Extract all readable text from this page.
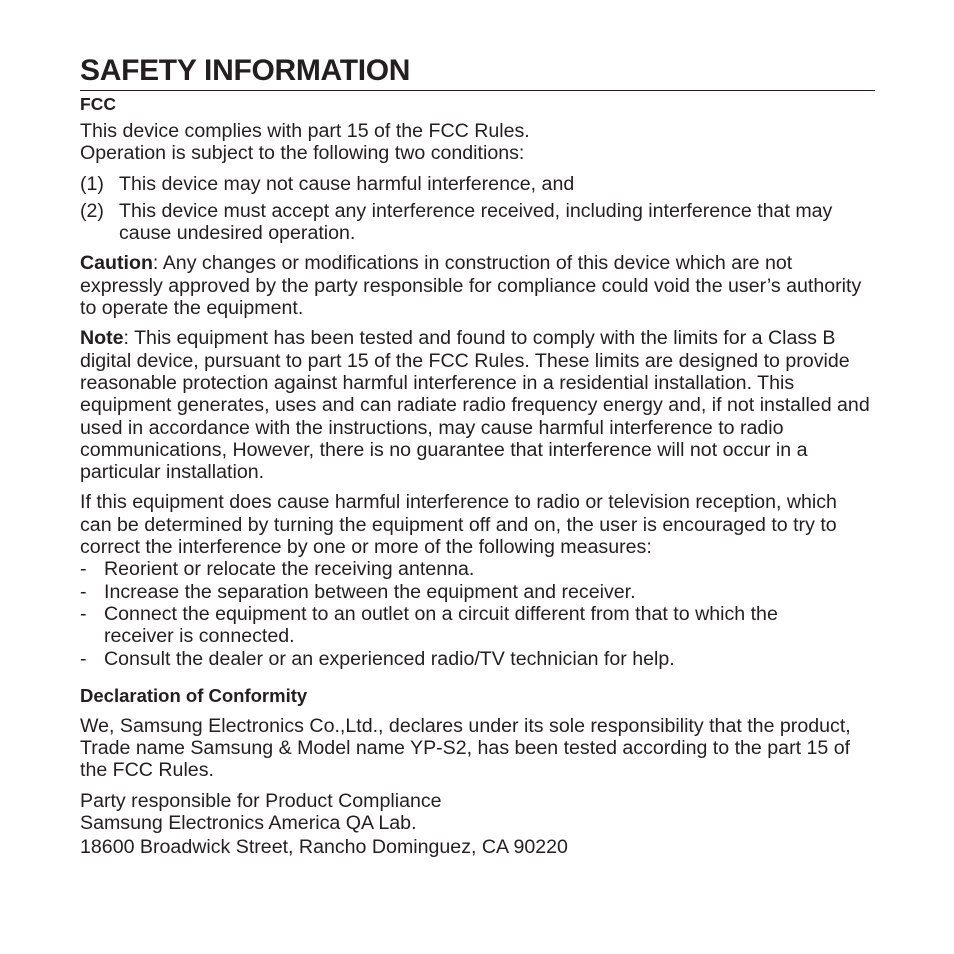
SAFETY INFORMATION

FCC

This device complies with part 15 of the FCC Rules.

Operation is subject to the following two conditions:

(1) This device may not cause harmful interference, and
(2) This device must accept any interference received, including interference that may cause undesired operation.

Caution: Any changes or modifications in construction of this device which are not expressly approved by the party responsible for compliance could void the user’s authority to operate the equipment.

Note: This equipment has been tested and found to comply with the limits for a Class B digital device, pursuant to part 15 of the FCC Rules. These limits are designed to provide reasonable protection against harmful interference in a residential installation. This equipment generates, uses and can radiate radio frequency energy and, if not installed and used in accordance with the instructions, may cause harmful interference to radio communications, However, there is no guarantee that interference will not occur in a particular installation.

If this equipment does cause harmful interference to radio or television reception, which can be determined by turning the equipment off and on, the user is encouraged to try to correct the interference by one or more of the following measures:

- Reorient or relocate the receiving antenna.
- Increase the separation between the equipment and receiver.
- Connect the equipment to an outlet on a circuit different from that to which the receiver is connected.
- Consult the dealer or an experienced radio/TV technician for help.

Declaration of Conformity

We, Samsung Electronics Co.,Ltd., declares under its sole responsibility that the product, Trade name Samsung & Model name YP-S2, has been tested according to the part 15 of the FCC Rules.

Party responsible for Product Compliance

Samsung Electronics America QA Lab.

18600 Broadwick Street, Rancho Dominguez, CA 90220
